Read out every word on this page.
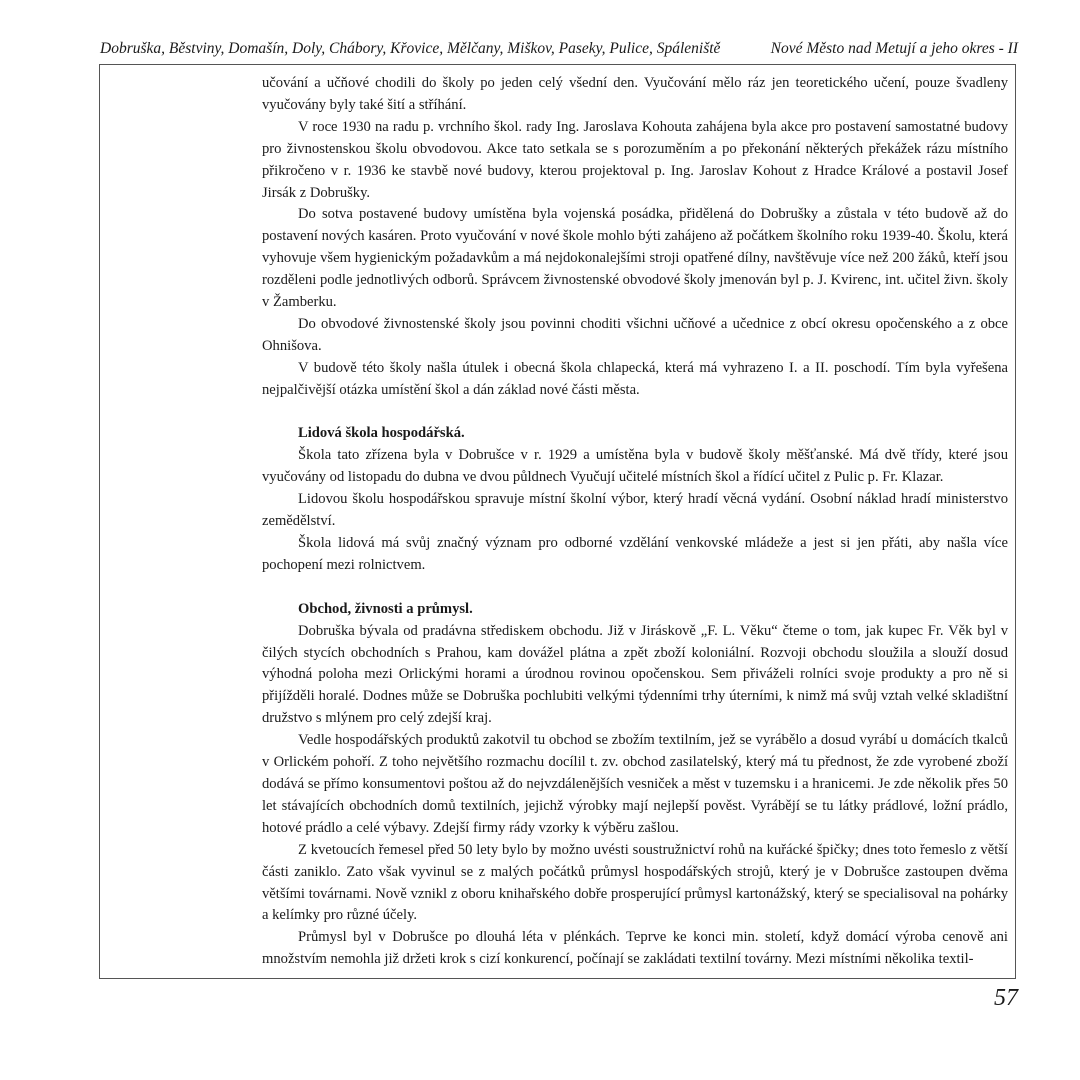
Dobruška, Běstviny, Domašín, Doly, Chábory, Křovice, Mělčany, Miškov, Paseky, Pulice, Spáleniště	Nové Město nad Metují a jeho okres - II

učování a učňové chodili do školy po jeden celý všední den. Vyučování mělo ráz jen teoretického učení, pouze švadleny vyučovány byly také šití a stříhání.

V roce 1930 na radu p. vrchního škol. rady Ing. Jaroslava Kohouta zahájena byla akce pro postavení samostatné budovy pro živnostenskou školu obvodovou. Akce tato setkala se s porozuměním a po překonání některých překážek rázu místního přikročeno v r. 1936 ke stavbě nové budovy, kterou projektoval p. Ing. Jaroslav Kohout z Hradce Králové a postavil Josef Jirsák z Dobrušky.

Do sotva postavené budovy umístěna byla vojenská posádka, přidělená do Dobrušky a zůstala v této budově až do postavení nových kasáren. Proto vyučování v nové škole mohlo býti zahájeno až počátkem školního roku 1939-40. Školu, která vyhovuje všem hygienickým požadavkům a má nejdokonalejšími stroji opatřené dílny, navštěvuje více než 200 žáků, kteří jsou rozděleni podle jednotlivých odborů. Správcem živnostenské obvodové školy jmenován byl p. J. Kvirenc, int. učitel živn. školy v Žamberku.

Do obvodové živnostenské školy jsou povinni choditi všichni učňové a učednice z obcí okresu opočenského a z obce Ohnišova.

V budově této školy našla útulek i obecná škola chlapecká, která má vyhrazeno I. a II. poschodí. Tím byla vyřešena nejpalčivější otázka umístění škol a dán základ nové části města.

Lidová škola hospodářská.

Škola tato zřízena byla v Dobrušce v r. 1929 a umístěna byla v budově školy měšťanské. Má dvě třídy, které jsou vyučovány od listopadu do dubna ve dvou půldnech Vyučují učitelé místních škol a řídící učitel z Pulic p. Fr. Klazar.

Lidovou školu hospodářskou spravuje místní školní výbor, který hradí věcná vydání. Osobní náklad hradí ministerstvo zemědělství.

Škola lidová má svůj značný význam pro odborné vzdělání venkovské mládeže a jest si jen přáti, aby našla více pochopení mezi rolnictvem.

Obchod, živnosti a průmysl.

Dobruška bývala od pradávna střediskem obchodu. Již v Jiráskově „F. L. Věku“ čteme o tom, jak kupec Fr. Věk byl v čilých stycích obchodních s Prahou, kam dovážel plátna a zpět zboží koloniální. Rozvoji obchodu sloužila a slouží dosud výhodná poloha mezi Orlickými horami a úrodnou rovinou opočenskou. Sem přiváželi rolníci svoje produkty a pro ně si přijížděli horalé. Dodnes může se Dobruška pochlubiti velkými týdenními trhy úterními, k nimž má svůj vztah velké skladištní družstvo s mlýnem pro celý zdejší kraj.

Vedle hospodářských produktů zakotvil tu obchod se zbožím textilním, jež se vyrábělo a dosud vyrábí u domácích tkalců v Orlickém pohoří. Z toho největšího rozmachu docílil t. zv. obchod zasilatelský, který má tu přednost, že zde vyrobené zboží dodává se přímo konsumentovi poštou až do nejvzdálenějších vesniček a měst v tuzemsku i a hranicemi. Je zde několik přes 50 let stávajících obchodních domů textilních, jejichž výrobky mají nejlepší pověst. Vyrábějí se tu látky prádlové, ložní prádlo, hotové prádlo a celé výbavy. Zdejší firmy rády vzorky k výběru zašlou.

Z kvetoucích řemesel před 50 lety bylo by možno uvésti soustružnictví rohů na kuřácké špičky; dnes toto řemeslo z větší části zaniklo. Zato však vyvinul se z malých počátků průmysl hospodářských strojů, který je v Dobrušce zastoupen dvěma většími továrnami. Nově vznikl z oboru knihařského dobře prosperující průmysl kartonážský, který se specialisoval na pohárky a kelímky pro různé účely.

Průmysl byl v Dobrušce po dlouhá léta v plénkách. Teprve ke konci min. století, když domácí výroba cenově ani množstvím nemohla již držeti krok s cizí konkurencí, počínají se zakládati textilní továrny. Mezi místními několika textil-

57
